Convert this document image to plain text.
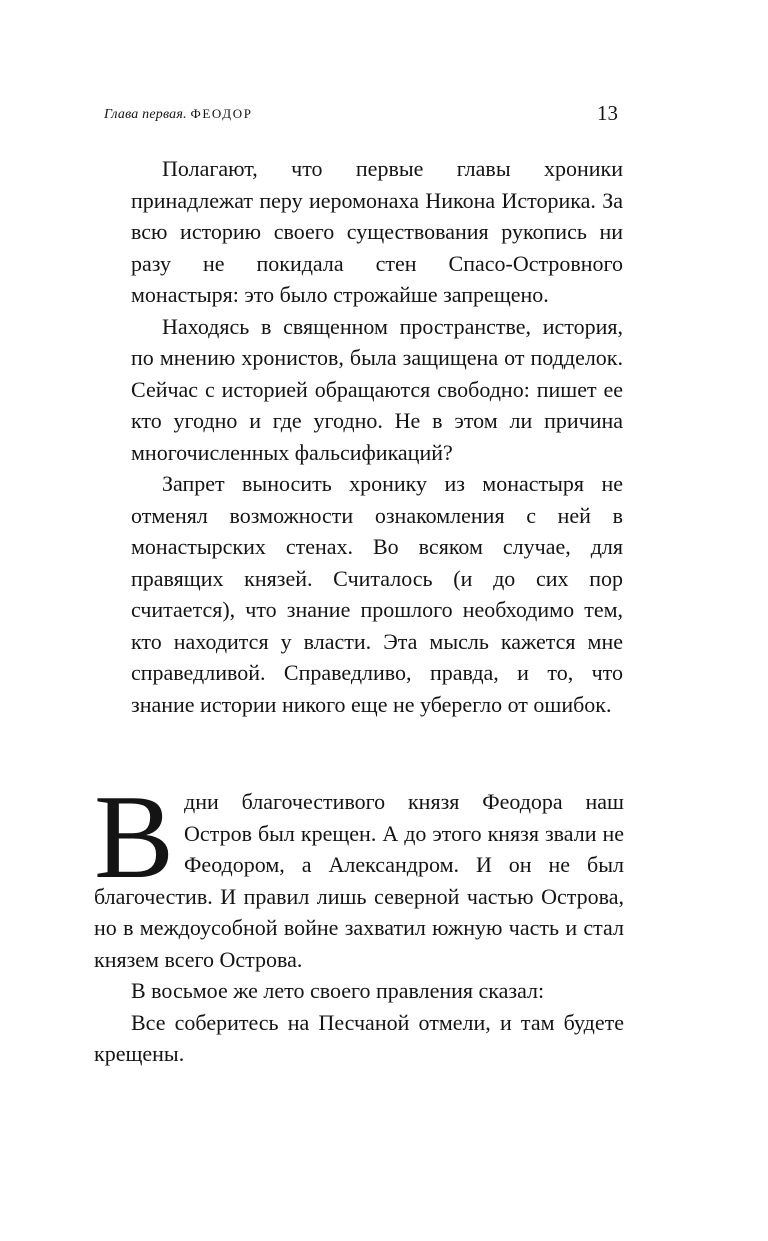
Глава первая. ФЕОДОР	13

Полагают, что первые главы хроники принадлежат перу иеромонаха Никона Историка. За всю историю своего существования рукопись ни разу не покидала стен Спасо-Островного монастыря: это было строжайше запрещено.

Находясь в священном пространстве, история, по мнению хронистов, была защищена от подделок. Сейчас с историей обращаются свободно: пишет ее кто угодно и где угодно. Не в этом ли причина многочисленных фальсификаций?

Запрет выносить хронику из монастыря не отменял возможности ознакомления с ней в монастырских стенах. Во всяком случае, для правящих князей. Считалось (и до сих пор считается), что знание прошлого необходимо тем, кто находится у власти. Эта мысль кажется мне справедливой. Справедливо, правда, и то, что знание истории никого еще не уберегло от ошибок.

В дни благочестивого князя Феодора наш Остров был крещен. А до этого князя звали не Феодором, а Александром. И он не был благочестив. И правил лишь северной частью Острова, но в междоусобной войне захватил южную часть и стал князем всего Острова.

В восьмое же лето своего правления сказал:

Все соберитесь на Песчаной отмели, и там будете крещены.
